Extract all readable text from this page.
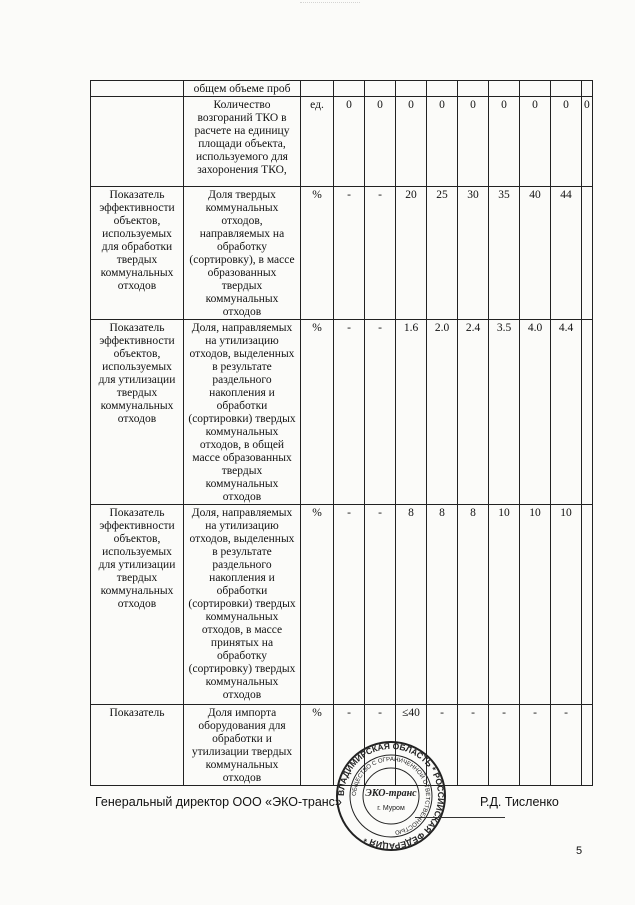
	общем объеме проб										
	Количество возгораний ТКО в расчете на единицу площади объекта, используемого для захоронения ТКО,	ед.	0	0	0	0	0	0	0	0	0
Показатель эффективности объектов, используемых для обработки твердых коммунальных отходов	Доля твердых коммунальных отходов, направляемых на обработку (сортировку), в массе образованных твердых коммунальных отходов	%	-	-	20	25	30	35	40	44	
Показатель эффективности объектов, используемых для утилизации твердых коммунальных отходов	Доля, направляемых на утилизацию отходов, выделенных в результате раздельного накопления и обработки (сортировки) твердых коммунальных отходов, в общей массе образованных твердых коммунальных отходов	%	-	-	1.6	2.0	2.4	3.5	4.0	4.4	
Показатель эффективности объектов, используемых для утилизации твердых коммунальных отходов	Доля, направляемых на утилизацию отходов, выделенных в результате раздельного накопления и обработки (сортировки) твердых коммунальных отходов, в массе принятых на обработку (сортировку) твердых коммунальных отходов	%	-	-	8	8	8	10	10	10	
Показатель	Доля импорта оборудования для обработки и утилизации твердых коммунальных отходов	%	-	-	≤40	-	-	-	-	-	
ВЛАДИМИРСКАЯ ОБЛАСТЬ * РОССИЙСКАЯ ФЕДЕРАЦИЯ *
ОБЩЕСТВО С ОГРАНИЧЕННОЙ ОТВЕТСТВЕННОСТЬЮ
ЭКО-транс
г. Муром
Генеральный директор ООО «ЭКО-транс»	Р.Д. Тисленко
5
